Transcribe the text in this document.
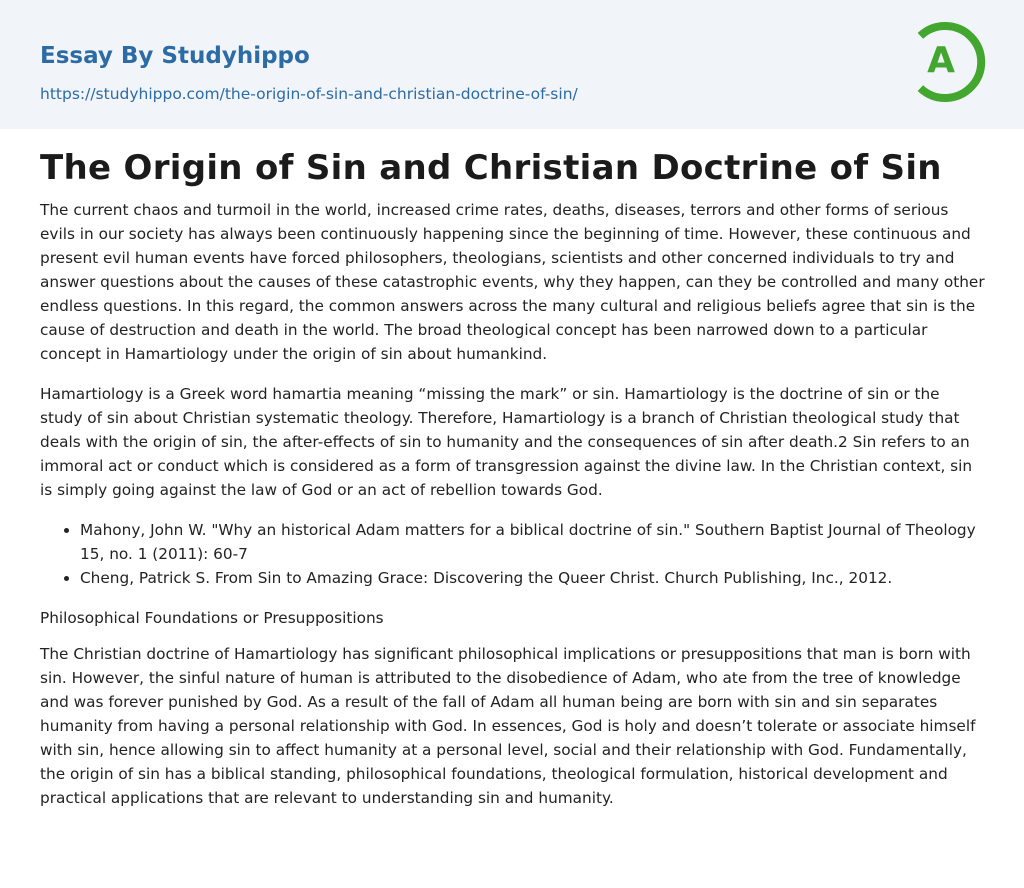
Essay By Studyhippo
https://studyhippo.com/the-origin-of-sin-and-christian-doctrine-of-sin/
A
The Origin of Sin and Christian Doctrine of Sin

The current chaos and turmoil in the world, increased crime rates, deaths, diseases, terrors and other forms of serious evils in our society has always been continuously happening since the beginning of time. However, these continuous and present evil human events have forced philosophers, theologians, scientists and other concerned individuals to try and answer questions about the causes of these catastrophic events, why they happen, can they be controlled and many other endless questions. In this regard, the common answers across the many cultural and religious beliefs agree that sin is the cause of destruction and death in the world. The broad theological concept has been narrowed down to a particular concept in Hamartiology under the origin of sin about humankind.

Hamartiology is a Greek word hamartia meaning “missing the mark” or sin. Hamartiology is the doctrine of sin or the study of sin about Christian systematic theology. Therefore, Hamartiology is a branch of Christian theological study that deals with the origin of sin, the after-effects of sin to humanity and the consequences of sin after death.2 Sin refers to an immoral act or conduct which is considered as a form of transgression against the divine law. In the Christian context, sin is simply going against the law of God or an act of rebellion towards God.

• Mahony, John W. "Why an historical Adam matters for a biblical doctrine of sin." Southern Baptist Journal of Theology 15, no. 1 (2011): 60-7
• Cheng, Patrick S. From Sin to Amazing Grace: Discovering the Queer Christ. Church Publishing, Inc., 2012.
Philosophical Foundations or Presuppositions

The Christian doctrine of Hamartiology has significant philosophical implications or presuppositions that man is born with sin. However, the sinful nature of human is attributed to the disobedience of Adam, who ate from the tree of knowledge and was forever punished by God. As a result of the fall of Adam all human being are born with sin and sin separates humanity from having a personal relationship with God. In essences, God is holy and doesn’t tolerate or associate himself with sin, hence allowing sin to affect humanity at a personal level, social and their relationship with God. Fundamentally, the origin of sin has a biblical standing, philosophical foundations, theological formulation, historical development and practical applications that are relevant to understanding sin and humanity.
